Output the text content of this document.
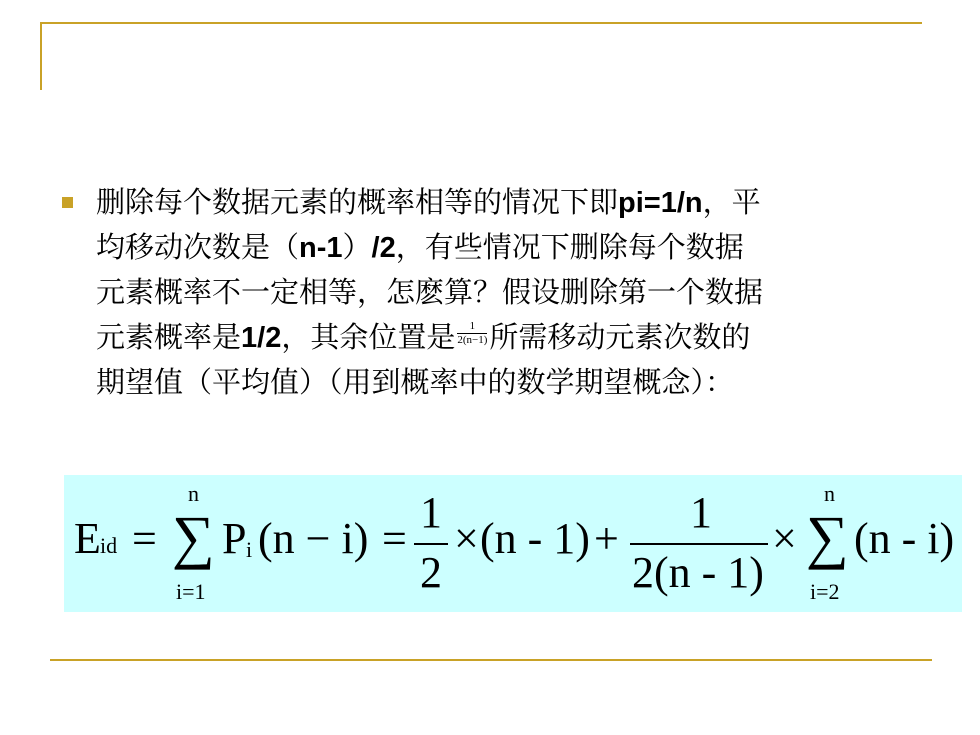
删除每个数据元素的概率相等的情况下即pi=1/n，平
均移动次数是（n-1）/2，有些情况下删除每个数据
元素概率不一定相等，怎麽算？假设删除第一个数据
元素概率是1/2，其余位置是 $\frac{1}{2(n-1)}$ 所需移动元素次数的
期望值（平均值）（用到概率中的数学期望概念）：
E id =
n
∑
i=1
P i (n − i) =
1
2
× (n - 1) +
1
2(n - 1)
×
n
∑
i=2
(n - i)
